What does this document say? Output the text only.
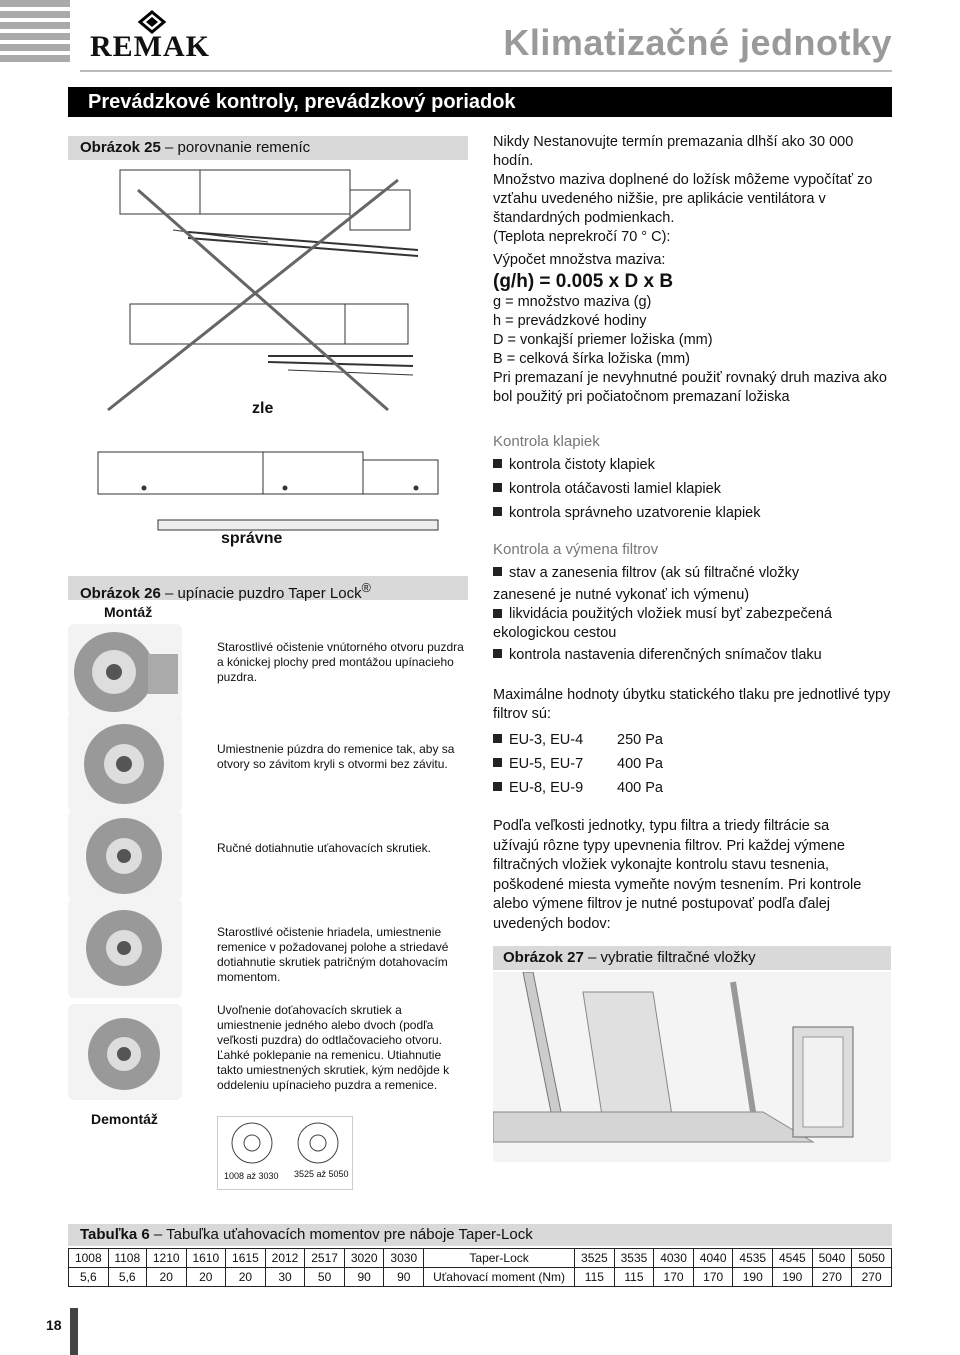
REMAK	Klimatizačné jednotky
Prevádzkové kontroly, prevádzkový poriadok
Obrázok 25 – porovnanie remeníc
zle
správne
Obrázok 26 – upínacie puzdro Taper Lock®
Montáž
Demontáž
Starostlivé očistenie vnútorného otvoru puzdra a kónickej plochy pred montážou upínacieho puzdra.
Umiestnenie púzdra do remenice tak, aby sa otvory so závitom kryli s otvormi bez závitu.
Ručné dotiahnutie uťahovacích skrutiek.
Starostlivé očistenie hriadela, umiestnenie remenice v požadovanej polohe a striedavé dotiahnutie skrutiek patričným dotahovacím momentom.
Uvoľnenie doťahovacích skrutiek a umiestnenie jedného alebo dvoch (podľa veľkosti puzdra) do odtlačovacieho otvoru. Ľahké poklepanie na remenicu. Utiahnutie takto umiestnených skrutiek, kým nedôjde k oddeleniu upínacieho puzdra a remenice.
1008 až 3030 3525 až 5050
Nikdy Nestanovujte termín premazania dlhší ako 30 000 hodín.
Množstvo maziva doplnené do ložísk môžeme vypočítať zo vzťahu uvedeného nižšie, pre aplikácie ventilátora v štandardných podmienkach.
(Teplota neprekročí 70 ° C):
Výpočet množstva maziva:
(g/h) = 0.005 x D x B
g = množstvo maziva (g)
h = prevádzkové hodiny
D = vonkajší priemer ložiska (mm)
B = celková šírka ložiska (mm)
Pri premazaní je nevyhnutné použiť rovnaký druh maziva ako bol použitý pri počiatočnom premazaní ložiska
Kontrola klapiek
kontrola čistoty klapiek
kontrola otáčavosti lamiel klapiek
kontrola správneho uzatvorenie klapiek
Kontrola a výmena filtrov
stav a zanesenia filtrov (ak sú filtračné vložky
zanesené je nutné vykonať ich výmenu)
likvidácia použitých vložiek musí byť zabezpečená ekologickou cestou
kontrola nastavenia diferenčných snímačov tlaku
Maximálne hodnoty úbytku statického tlaku pre jednotlivé typy filtrov sú:
EU-3, EU-4 250 Pa
EU-5, EU-7 400 Pa
EU-8, EU-9 400 Pa
Podľa veľkosti jednotky, typu filtra a triedy filtrácie sa užívajú rôzne typy upevnenia filtrov. Pri každej výmene filtračných vložiek vykonajte kontrolu stavu tesnenia, poškodené miesta vymeňte novým tesnením. Pri kontrole alebo výmene filtrov je nutné postupovať podľa ďalej uvedených bodov:
Obrázok 27 – vybratie filtračné vložky
Tabuľka 6 – Tabuľka uťahovacích momentov pre náboje Taper-Lock
1008	1108	1210	1610	1615	2012	2517	3020	3030	Taper-Lock	3525	3535	4030	4040	4535	4545	5040	5050
5,6	5,6	20	20	20	30	50	90	90	Uťahovací moment (Nm)	115	115	170	170	190	190	270	270
18
